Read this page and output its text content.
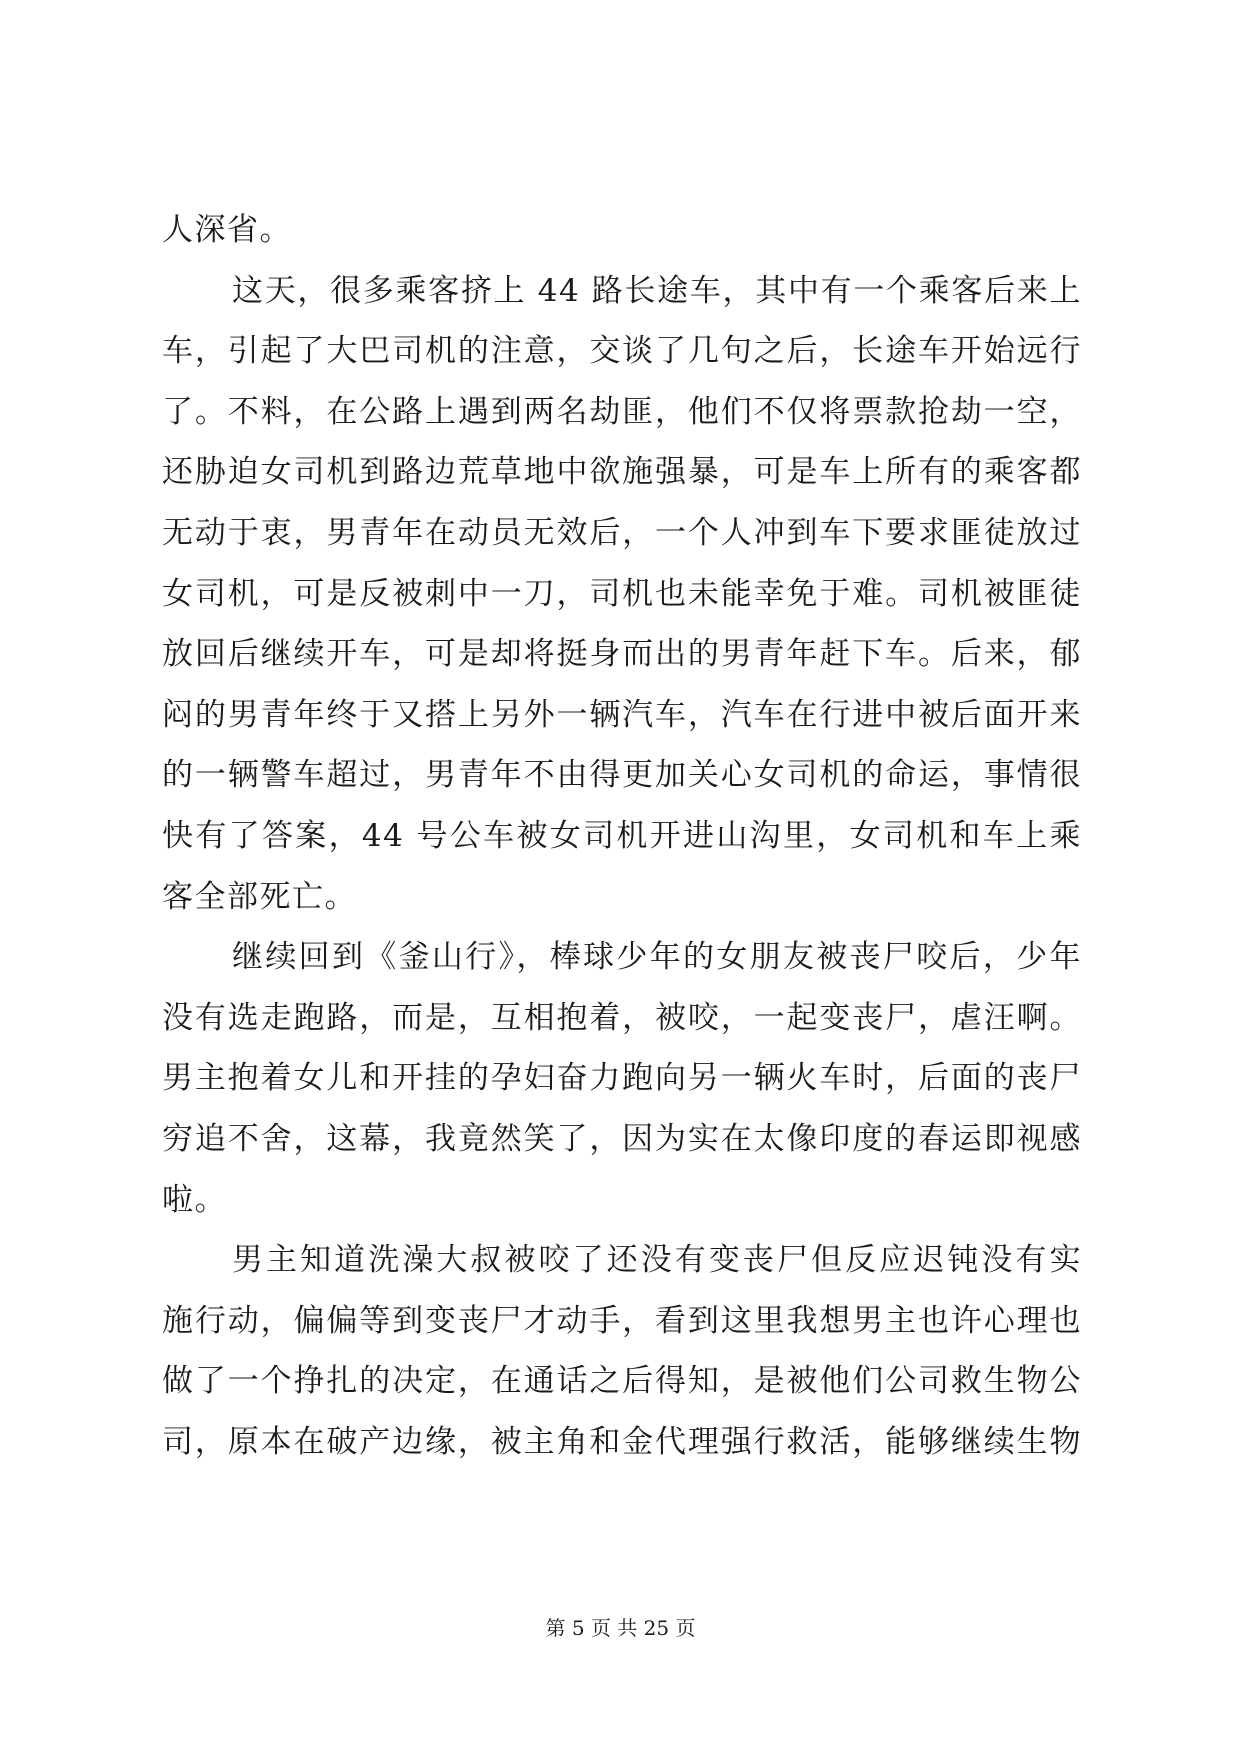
人深省。
这天，很多乘客挤上 44 路长途车，其中有一个乘客后来上
车，引起了大巴司机的注意，交谈了几句之后，长途车开始远行
了。不料，在公路上遇到两名劫匪，他们不仅将票款抢劫一空，
还胁迫女司机到路边荒草地中欲施强暴，可是车上所有的乘客都
无动于衷，男青年在动员无效后，一个人冲到车下要求匪徒放过
女司机，可是反被刺中一刀，司机也未能幸免于难。司机被匪徒
放回后继续开车，可是却将挺身而出的男青年赶下车。后来，郁
闷的男青年终于又搭上另外一辆汽车，汽车在行进中被后面开来
的一辆警车超过，男青年不由得更加关心女司机的命运，事情很
快有了答案，44 号公车被女司机开进山沟里，女司机和车上乘
客全部死亡。
继续回到《釜山行》，棒球少年的女朋友被丧尸咬后，少年
没有选走跑路，而是，互相抱着，被咬，一起变丧尸，虐汪啊。
男主抱着女儿和开挂的孕妇奋力跑向另一辆火车时，后面的丧尸
穷追不舍，这幕，我竟然笑了，因为实在太像印度的春运即视感
啦。
男主知道洗澡大叔被咬了还没有变丧尸但反应迟钝没有实
施行动，偏偏等到变丧尸才动手，看到这里我想男主也许心理也
做了一个挣扎的决定，在通话之后得知，是被他们公司救生物公
司，原本在破产边缘，被主角和金代理强行救活，能够继续生物
第 5 页 共 25 页
